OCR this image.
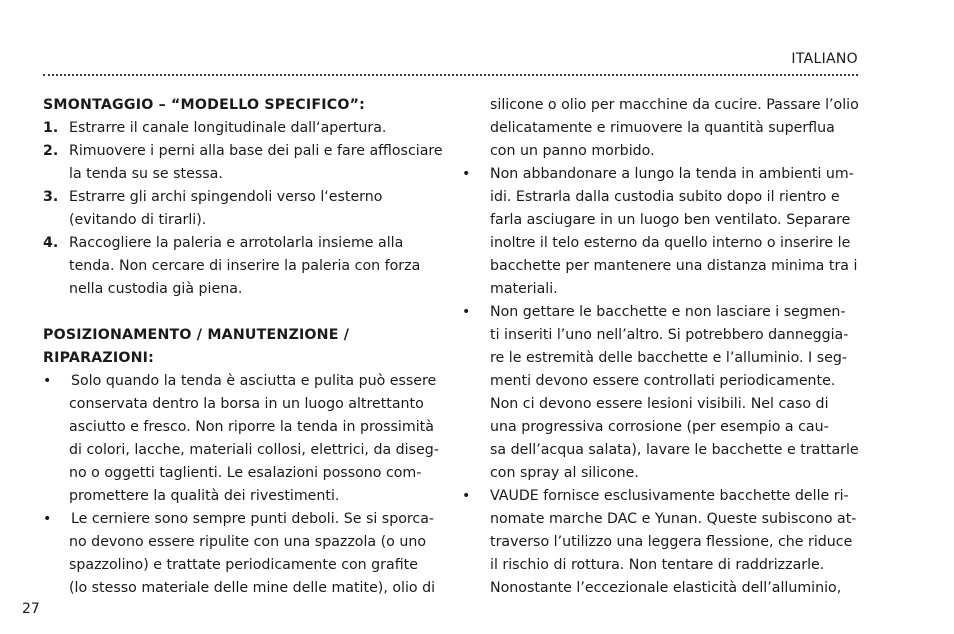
ITALIANO
SMONTAGGIO – “MODELLO SPECIFICO”:
1. Estrarre il canale longitudinale dall‘apertura.
2. Rimuovere i perni alla base dei pali e fare afflosciare
la tenda su se stessa.
3. Estrarre gli archi spingendoli verso l‘esterno
(evitando di tirarli).
4. Raccogliere la paleria e arrotolarla insieme alla
tenda. Non cercare di inserire la paleria con forza
nella custodia già piena.
POSIZIONAMENTO / MANUTENZIONE /
RIPARAZIONI:
• Solo quando la tenda è asciutta e pulita può essere
conservata dentro la borsa in un luogo altrettanto
asciutto e fresco. Non riporre la tenda in prossimità
di colori, lacche, materiali collosi, elettrici, da diseg-
no o oggetti taglienti. Le esalazioni possono com-
promettere la qualità dei rivestimenti.
• Le cerniere sono sempre punti deboli. Se si sporca-
no devono essere ripulite con una spazzola (o uno
spazzolino) e trattate periodicamente con grafite
(lo stesso materiale delle mine delle matite), olio di
silicone o olio per macchine da cucire. Passare l’olio
delicatamente e rimuovere la quantità superflua
con un panno morbido.
• Non abbandonare a lungo la tenda in ambienti um-
idi. Estrarla dalla custodia subito dopo il rientro e
farla asciugare in un luogo ben ventilato. Separare
inoltre il telo esterno da quello interno o inserire le
bacchette per mantenere una distanza minima tra i
materiali.
• Non gettare le bacchette e non lasciare i segmen-
ti inseriti l’uno nell’altro. Si potrebbero danneggia-
re le estremità delle bacchette e l’alluminio. I seg-
menti devono essere controllati periodicamente.
Non ci devono essere lesioni visibili. Nel caso di
una progressiva corrosione (per esempio a cau-
sa dell’acqua salata), lavare le bacchette e trattarle
con spray al silicone.
• VAUDE fornisce esclusivamente bacchette delle ri-
nomate marche DAC e Yunan. Queste subiscono at-
traverso l’utilizzo una leggera flessione, che riduce
il rischio di rottura. Non tentare di raddrizzarle.
Nonostante l’eccezionale elasticità dell’alluminio,
27
